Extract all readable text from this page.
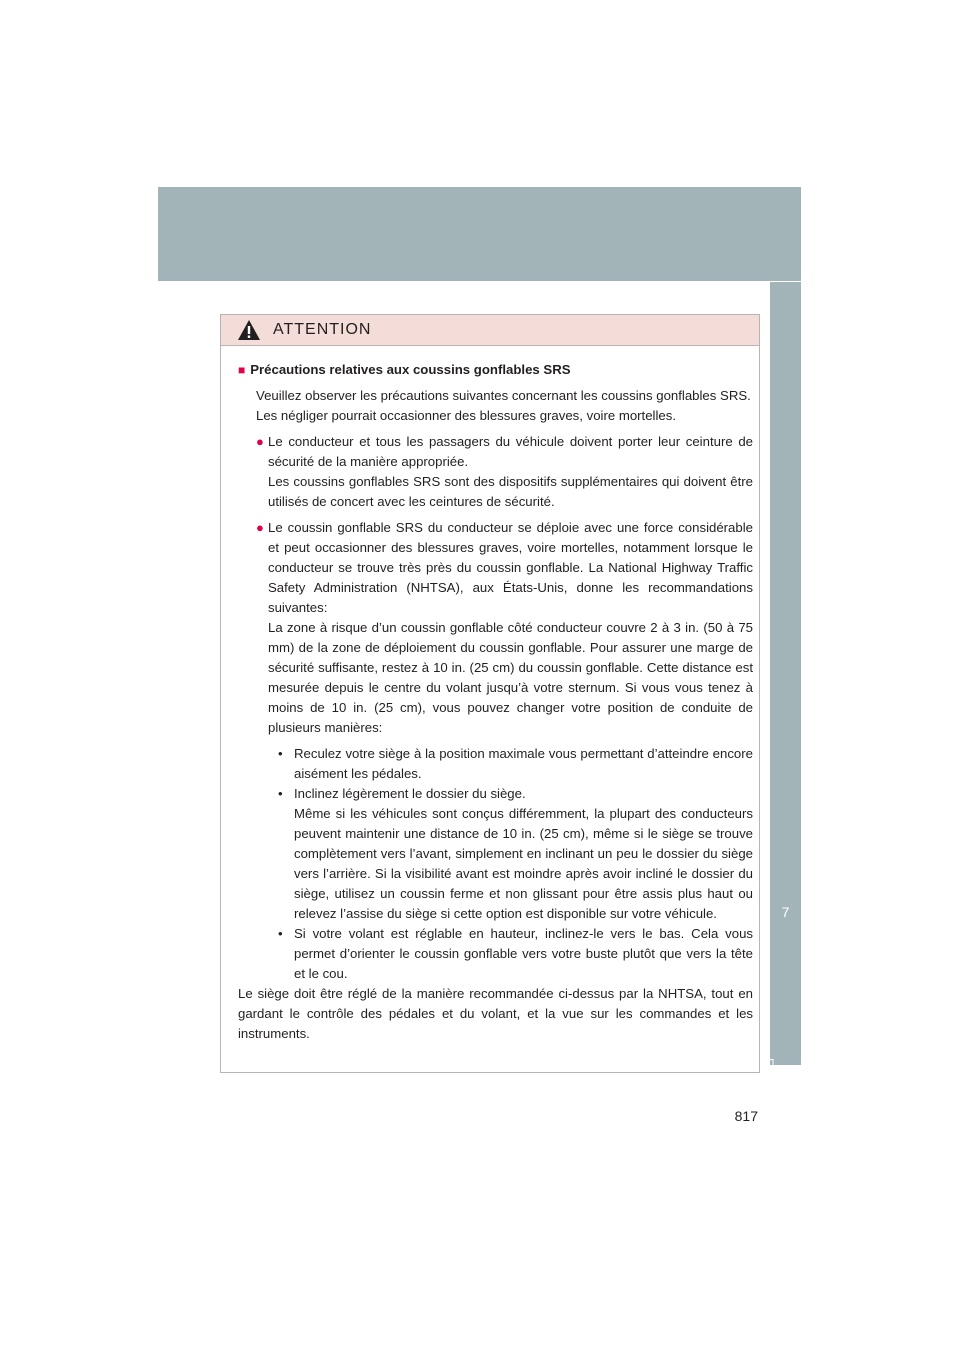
7
For owners
ATTENTION
■ Précautions relatives aux coussins gonflables SRS

Veuillez observer les précautions suivantes concernant les coussins gonflables SRS.

Les négliger pourrait occasionner des blessures graves, voire mortelles.

● Le conducteur et tous les passagers du véhicule doivent porter leur ceinture de sécurité de la manière appropriée.

Les coussins gonflables SRS sont des dispositifs supplémentaires qui doivent être utilisés de concert avec les ceintures de sécurité.

● Le coussin gonflable SRS du conducteur se déploie avec une force considérable et peut occasionner des blessures graves, voire mortelles, notamment lorsque le conducteur se trouve très près du coussin gonflable. La National Highway Traffic Safety Administration (NHTSA), aux États-Unis, donne les recommandations suivantes:

La zone à risque d’un coussin gonflable côté conducteur couvre 2 à 3 in. (50 à 75 mm) de la zone de déploiement du coussin gonflable. Pour assurer une marge de sécurité suffisante, restez à 10 in. (25 cm) du coussin gonflable. Cette distance est mesurée depuis le centre du volant jusqu’à votre sternum. Si vous vous tenez à moins de 10 in. (25 cm), vous pouvez changer votre position de conduite de plusieurs manières:

• Reculez votre siège à la position maximale vous permettant d’atteindre encore aisément les pédales.

• Inclinez légèrement le dossier du siège.

Même si les véhicules sont conçus différemment, la plupart des conducteurs peuvent maintenir une distance de 10 in. (25 cm), même si le siège se trouve complètement vers l’avant, simplement en inclinant un peu le dossier du siège vers l’arrière. Si la visibilité avant est moindre après avoir incliné le dossier du siège, utilisez un coussin ferme et non glissant pour être assis plus haut ou relevez l’assise du siège si cette option est disponible sur votre véhicule.

• Si votre volant est réglable en hauteur, inclinez-le vers le bas. Cela vous permet d’orienter le coussin gonflable vers votre buste plutôt que vers la tête et le cou.

Le siège doit être réglé de la manière recommandée ci-dessus par la NHTSA, tout en gardant le contrôle des pédales et du volant, et la vue sur les commandes et les instruments.

817
